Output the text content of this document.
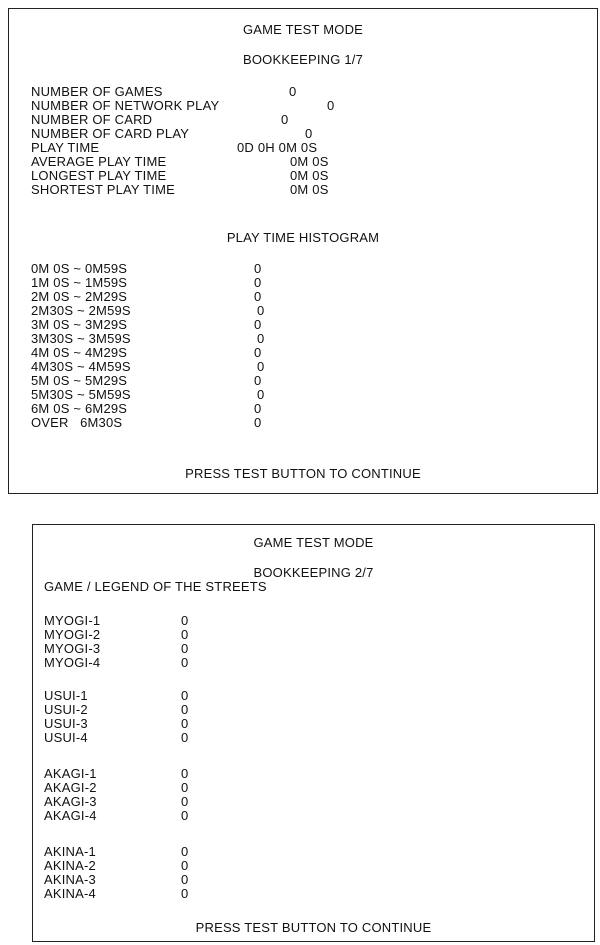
GAME TEST MODE
BOOKKEEPING 1/7
NUMBER OF GAMES	0
NUMBER OF NETWORK PLAY	0
NUMBER OF CARD	0
NUMBER OF CARD PLAY	0
PLAY TIME	0D 0H 0M 0S
AVERAGE PLAY TIME	0M 0S
LONGEST PLAY TIME	0M 0S
SHORTEST PLAY TIME	0M 0S
PLAY TIME HISTOGRAM
0M 0S ~ 0M59S	0
1M 0S ~ 1M59S	0
2M 0S ~ 2M29S	0
2M30S ~ 2M59S	0
3M 0S ~ 3M29S	0
3M30S ~ 3M59S	0
4M 0S ~ 4M29S	0
4M30S ~ 4M59S	0
5M 0S ~ 5M29S	0
5M30S ~ 5M59S	0
6M 0S ~ 6M29S	0
OVER   6M30S	0
PRESS TEST BUTTON TO CONTINUE
GAME TEST MODE
BOOKKEEPING 2/7
GAME / LEGEND OF THE STREETS
MYOGI-1	0
MYOGI-2	0
MYOGI-3	0
MYOGI-4	0
USUI-1	0
USUI-2	0
USUI-3	0
USUI-4	0
AKAGI-1	0
AKAGI-2	0
AKAGI-3	0
AKAGI-4	0
AKINA-1	0
AKINA-2	0
AKINA-3	0
AKINA-4	0
PRESS TEST BUTTON TO CONTINUE
